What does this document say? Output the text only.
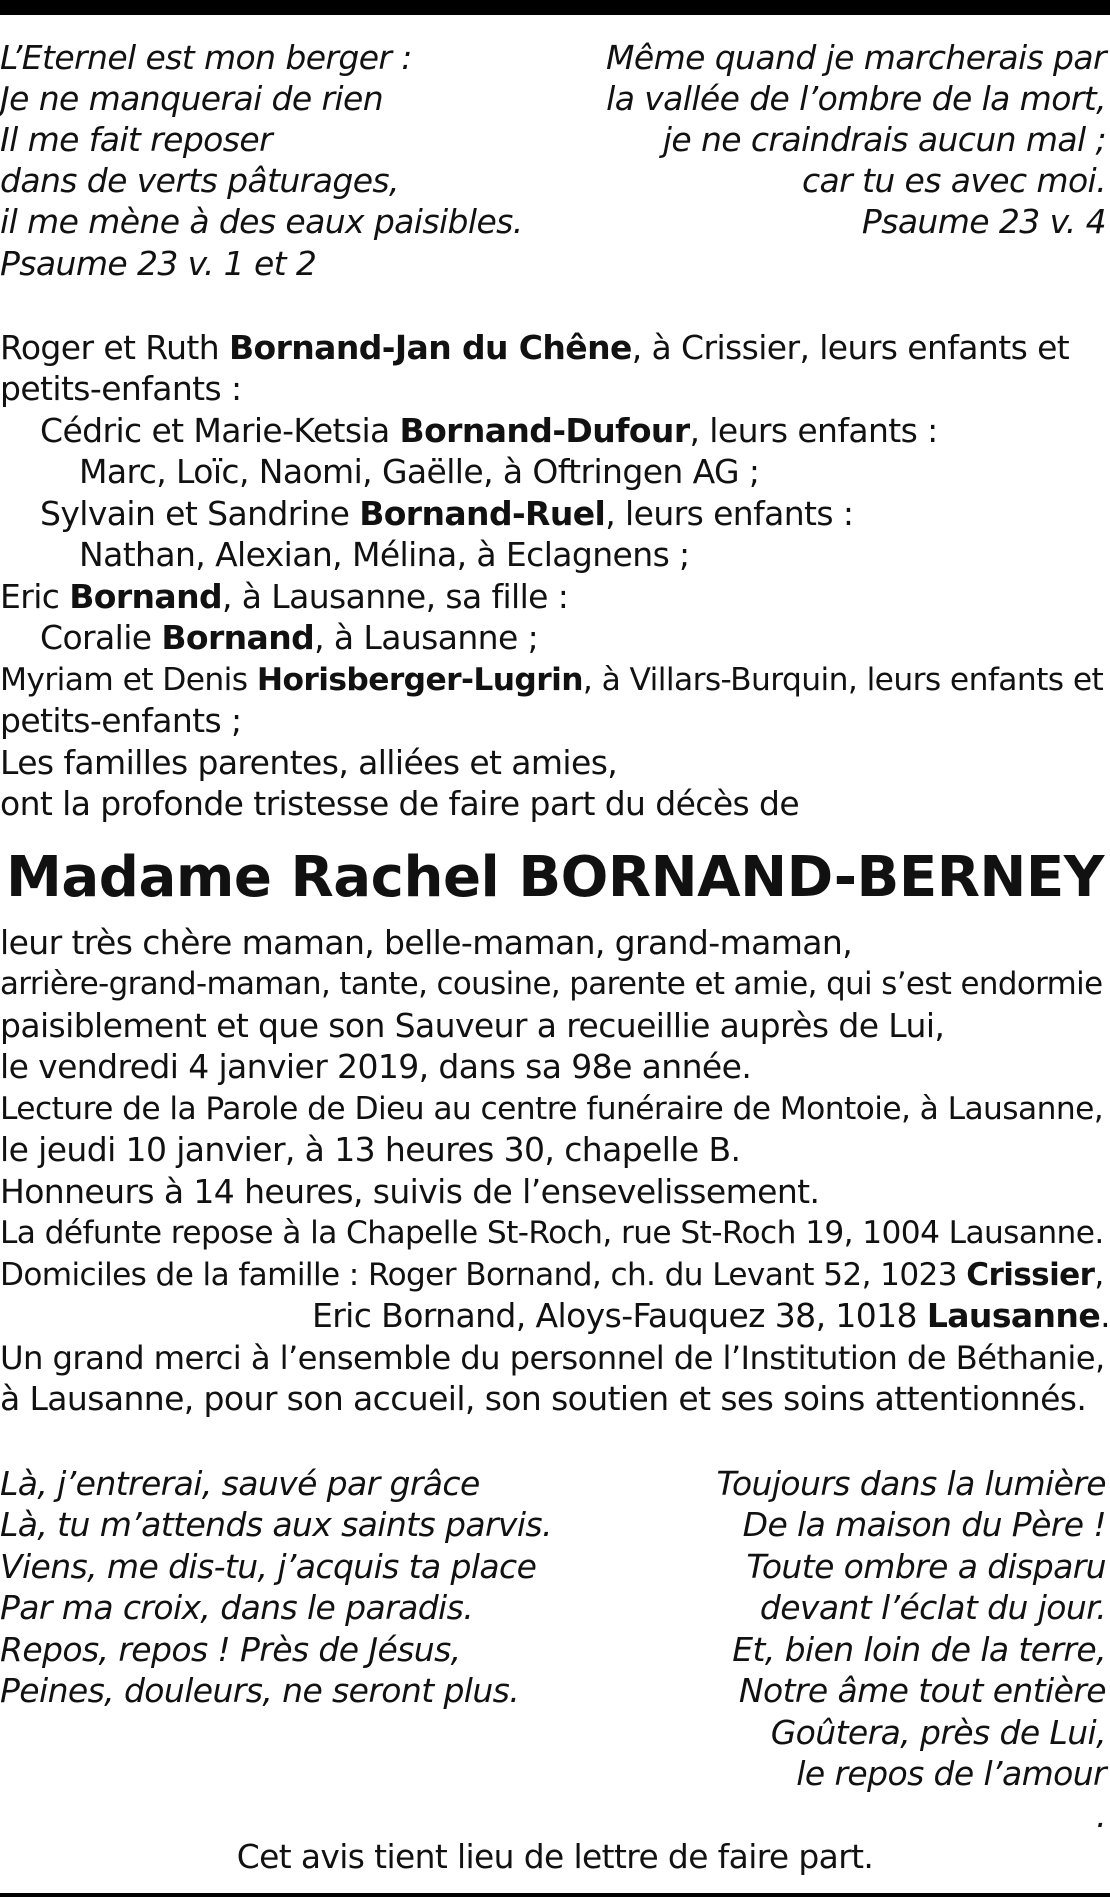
L’Eternel est mon berger :
Je ne manquerai de rien
Il me fait reposer
dans de verts pâturages,
il me mène à des eaux paisibles.
Psaume 23 v. 1 et 2
Même quand je marcherais par
la vallée de l’ombre de la mort,
je ne craindrais aucun mal ;
car tu es avec moi.
Psaume 23 v. 4
Roger et Ruth Bornand-Jan du Chêne, à Crissier, leurs enfants et
petits-enfants :
Cédric et Marie-Ketsia Bornand-Dufour, leurs enfants :
Marc, Loïc, Naomi, Gaëlle, à Oftringen AG ;
Sylvain et Sandrine Bornand-Ruel, leurs enfants :
Nathan, Alexian, Mélina, à Eclagnens ;
Eric Bornand, à Lausanne, sa fille :
Coralie Bornand, à Lausanne ;
Myriam et Denis Horisberger-Lugrin, à Villars-Burquin, leurs enfants et
petits-enfants ;
Les familles parentes, alliées et amies,
ont la profonde tristesse de faire part du décès de
Madame Rachel BORNAND-BERNEY
leur très chère maman, belle-maman, grand-maman,
arrière-grand-maman, tante, cousine, parente et amie, qui s’est endormie
paisiblement et que son Sauveur a recueillie auprès de Lui,
le vendredi 4 janvier 2019, dans sa 98e année.
Lecture de la Parole de Dieu au centre funéraire de Montoie, à Lausanne,
le jeudi 10 janvier, à 13 heures 30, chapelle B.
Honneurs à 14 heures, suivis de l’ensevelissement.
La défunte repose à la Chapelle St-Roch, rue St-Roch 19, 1004 Lausanne.
Domiciles de la famille : Roger Bornand, ch. du Levant 52, 1023 Crissier,
Eric Bornand, Aloys-Fauquez 38, 1018 Lausanne.
Un grand merci à l’ensemble du personnel de l’Institution de Béthanie,
à Lausanne, pour son accueil, son soutien et ses soins attentionnés.
Là, j’entrerai, sauvé par grâce
Là, tu m’attends aux saints parvis.
Viens, me dis-tu, j’acquis ta place
Par ma croix, dans le paradis.
Repos, repos ! Près de Jésus,
Peines, douleurs, ne seront plus.
Toujours dans la lumière
De la maison du Père !
Toute ombre a disparu
devant l’éclat du jour.
Et, bien loin de la terre,
Notre âme tout entière
Goûtera, près de Lui,
le repos de l’amour
.
Cet avis tient lieu de lettre de faire part.
